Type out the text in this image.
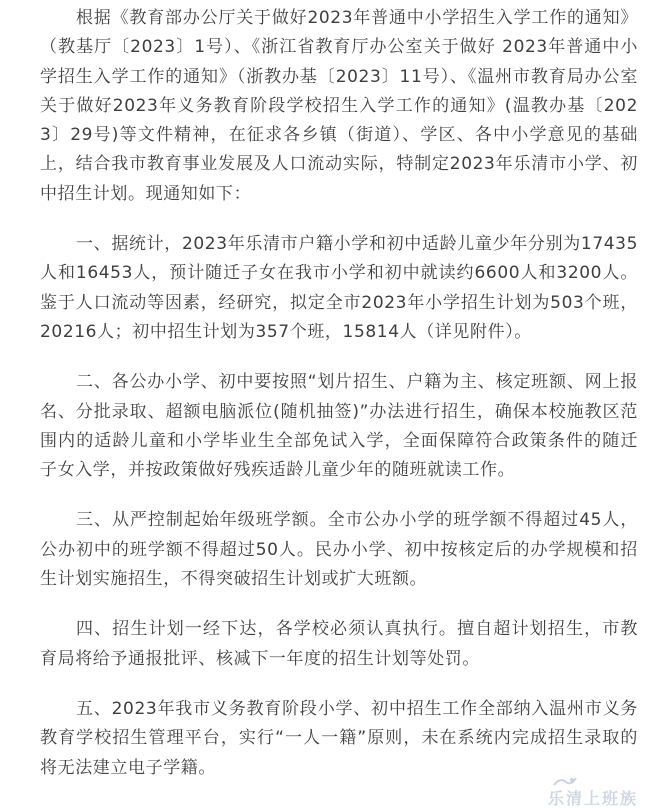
根据《教育部办公厅关于做好2023年普通中小学招生入学工作的通知》（教基厅〔2023〕1号）、《浙江省教育厅办公室关于做好 2023年普通中小学招生入学工作的通知》（浙教办基〔2023〕11号）、《温州市教育局办公室关于做好2023年义务教育阶段学校招生入学工作的通知》(温教办基〔2023〕29号)等文件精神，在征求各乡镇（街道）、学区、各中小学意见的基础上，结合我市教育事业发展及人口流动实际，特制定2023年乐清市小学、初中招生计划。现通知如下：

一、据统计，2023年乐清市户籍小学和初中适龄儿童少年分别为17435人和16453人，预计随迁子女在我市小学和初中就读约6600人和3200人。鉴于人口流动等因素，经研究，拟定全市2023年小学招生计划为503个班，20216人；初中招生计划为357个班，15814人（详见附件）。

二、各公办小学、初中要按照“划片招生、户籍为主、核定班额、网上报名、分批录取、超额电脑派位(随机抽签)”办法进行招生，确保本校施教区范围内的适龄儿童和小学毕业生全部免试入学，全面保障符合政策条件的随迁子女入学，并按政策做好残疾适龄儿童少年的随班就读工作。

三、从严控制起始年级班学额。全市公办小学的班学额不得超过45人，公办初中的班学额不得超过50人。民办小学、初中按核定后的办学规模和招生计划实施招生，不得突破招生计划或扩大班额。

四、招生计划一经下达，各学校必须认真执行。擅自超计划招生，市教育局将给予通报批评、核减下一年度的招生计划等处罚。

五、2023年我市义务教育阶段小学、初中招生工作全部纳入温州市义务教育学校招生管理平台，实行“一人一籍”原则，未在系统内完成招生录取的将无法建立电子学籍。

乐清上班族
